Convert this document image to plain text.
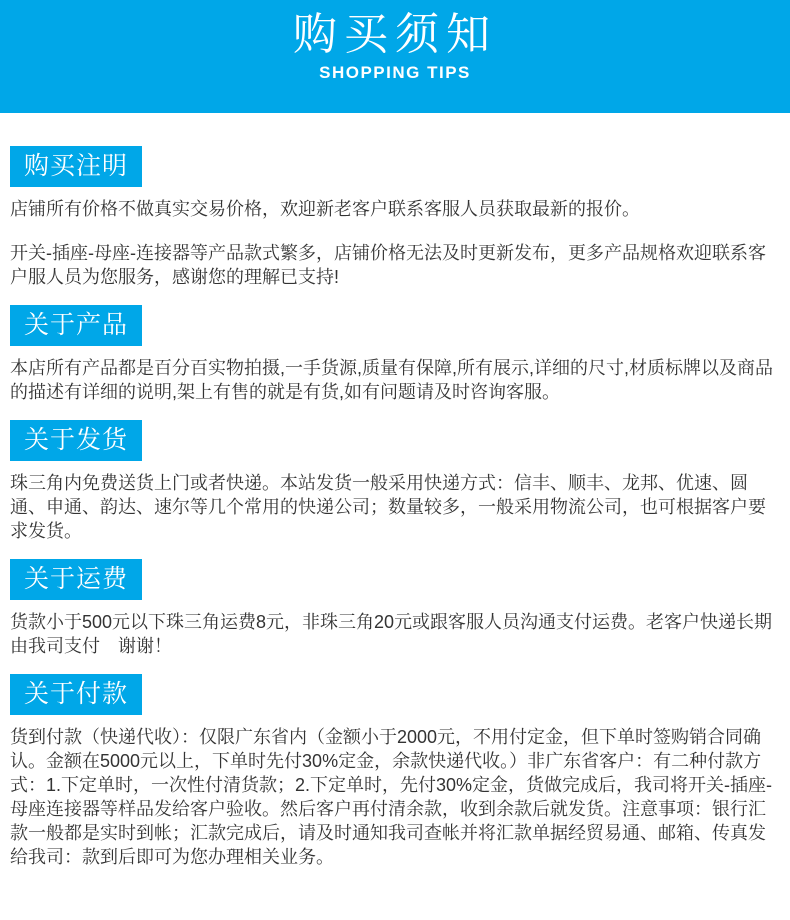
购买须知
SHOPPING TIPS
购买注明

店铺所有价格不做真实交易价格，欢迎新老客户联系客服人员获取最新的报价。

开关-插座-母座-连接器等产品款式繁多，店铺价格无法及时更新发布，更多产品规格欢迎联系客户服人员为您服务，感谢您的理解已支持!

关于产品

本店所有产品都是百分百实物拍摄,一手货源,质量有保障,所有展示,详细的尺寸,材质标牌以及商品的描述有详细的说明,架上有售的就是有货,如有问题请及时咨询客服。

关于发货

珠三角内免费送货上门或者快递。本站发货一般采用快递方式：信丰、顺丰、龙邦、优速、圆通、申通、韵达、速尔等几个常用的快递公司；数量较多，一般采用物流公司，也可根据客户要求发货。

关于运费

货款小于500元以下珠三角运费8元，非珠三角20元或跟客服人员沟通支付运费。老客户快递长期由我司支付　谢谢！

关于付款

货到付款（快递代收）：仅限广东省内（金额小于2000元，不用付定金，但下单时签购销合同确认。金额在5000元以上，下单时先付30%定金，余款快递代收。）非广东省客户：有二种付款方式：1.下定单时，一次性付清货款；2.下定单时，先付30%定金，货做完成后，我司将开关-插座-母座连接器等样品发给客户验收。然后客户再付清余款，收到余款后就发货。注意事项：银行汇款一般都是实时到帐；汇款完成后，请及时通知我司查帐并将汇款单据经贸易通、邮箱、传真发给我司：款到后即可为您办理相关业务。
